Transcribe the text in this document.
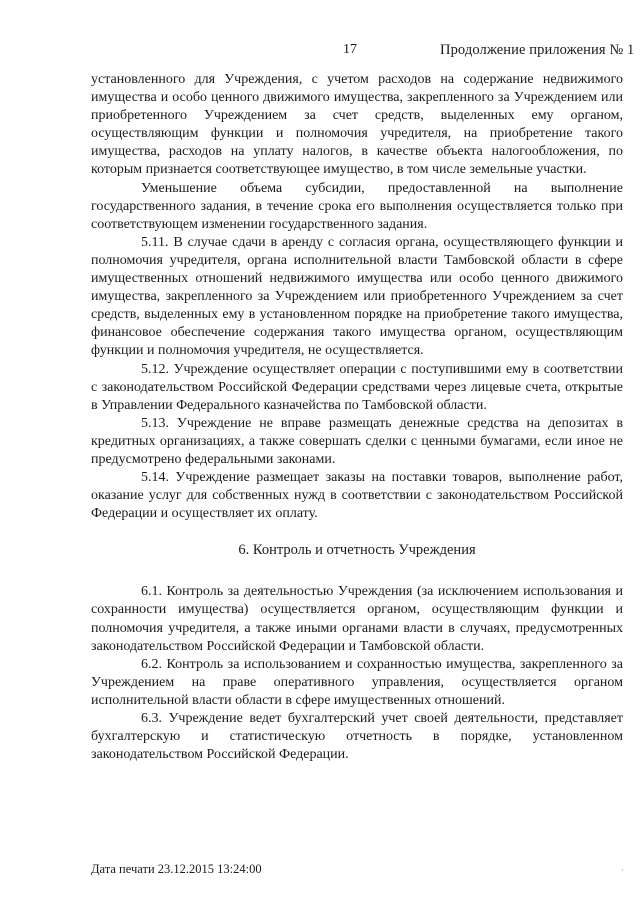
17	Продолжение приложения № 1

установленного для Учреждения, с учетом расходов на содержание недвижимого имущества и особо ценного движимого имущества, закрепленного за Учреждением или приобретенного Учреждением за счет средств, выделенных ему органом, осуществляющим функции и полномочия учредителя, на приобретение такого имущества, расходов на уплату налогов, в качестве объекта налогообложения, по которым признается соответствующее имущество, в том числе земельные участки.

Уменьшение объема субсидии, предоставленной на выполнение государственного задания, в течение срока его выполнения осуществляется только при соответствующем изменении государственного задания.

5.11. В случае сдачи в аренду с согласия органа, осуществляющего функции и полномочия учредителя, органа исполнительной власти Тамбовской области в сфере имущественных отношений недвижимого имущества или особо ценного движимого имущества, закрепленного за Учреждением или приобретенного Учреждением за счет средств, выделенных ему в установленном порядке на приобретение такого имущества, финансовое обеспечение содержания такого имущества органом, осуществляющим функции и полномочия учредителя, не осуществляется.

5.12. Учреждение осуществляет операции с поступившими ему в соответствии с законодательством Российской Федерации средствами через лицевые счета, открытые в Управлении Федерального казначейства по Тамбовской области.

5.13. Учреждение не вправе размещать денежные средства на депозитах в кредитных организациях, а также совершать сделки с ценными бумагами, если иное не предусмотрено федеральными законами.

5.14. Учреждение размещает заказы на поставки товаров, выполнение работ, оказание услуг для собственных нужд в соответствии с законодательством Российской Федерации и осуществляет их оплату.

6. Контроль и отчетность Учреждения

6.1. Контроль за деятельностью Учреждения (за исключением использования и сохранности имущества) осуществляется органом, осуществляющим функции и полномочия учредителя, а также иными органами власти в случаях, предусмотренных законодательством Российской Федерации и Тамбовской области.

6.2. Контроль за использованием и сохранностью имущества, закрепленного за Учреждением на праве оперативного управления, осуществляется органом исполнительной власти области в сфере имущественных отношений.

6.3. Учреждение ведет бухгалтерский учет своей деятельности, представляет бухгалтерскую и статистическую отчетность в порядке, установленном законодательством Российской Федерации.

Дата печати 23.12.2015 13:24:00	·
